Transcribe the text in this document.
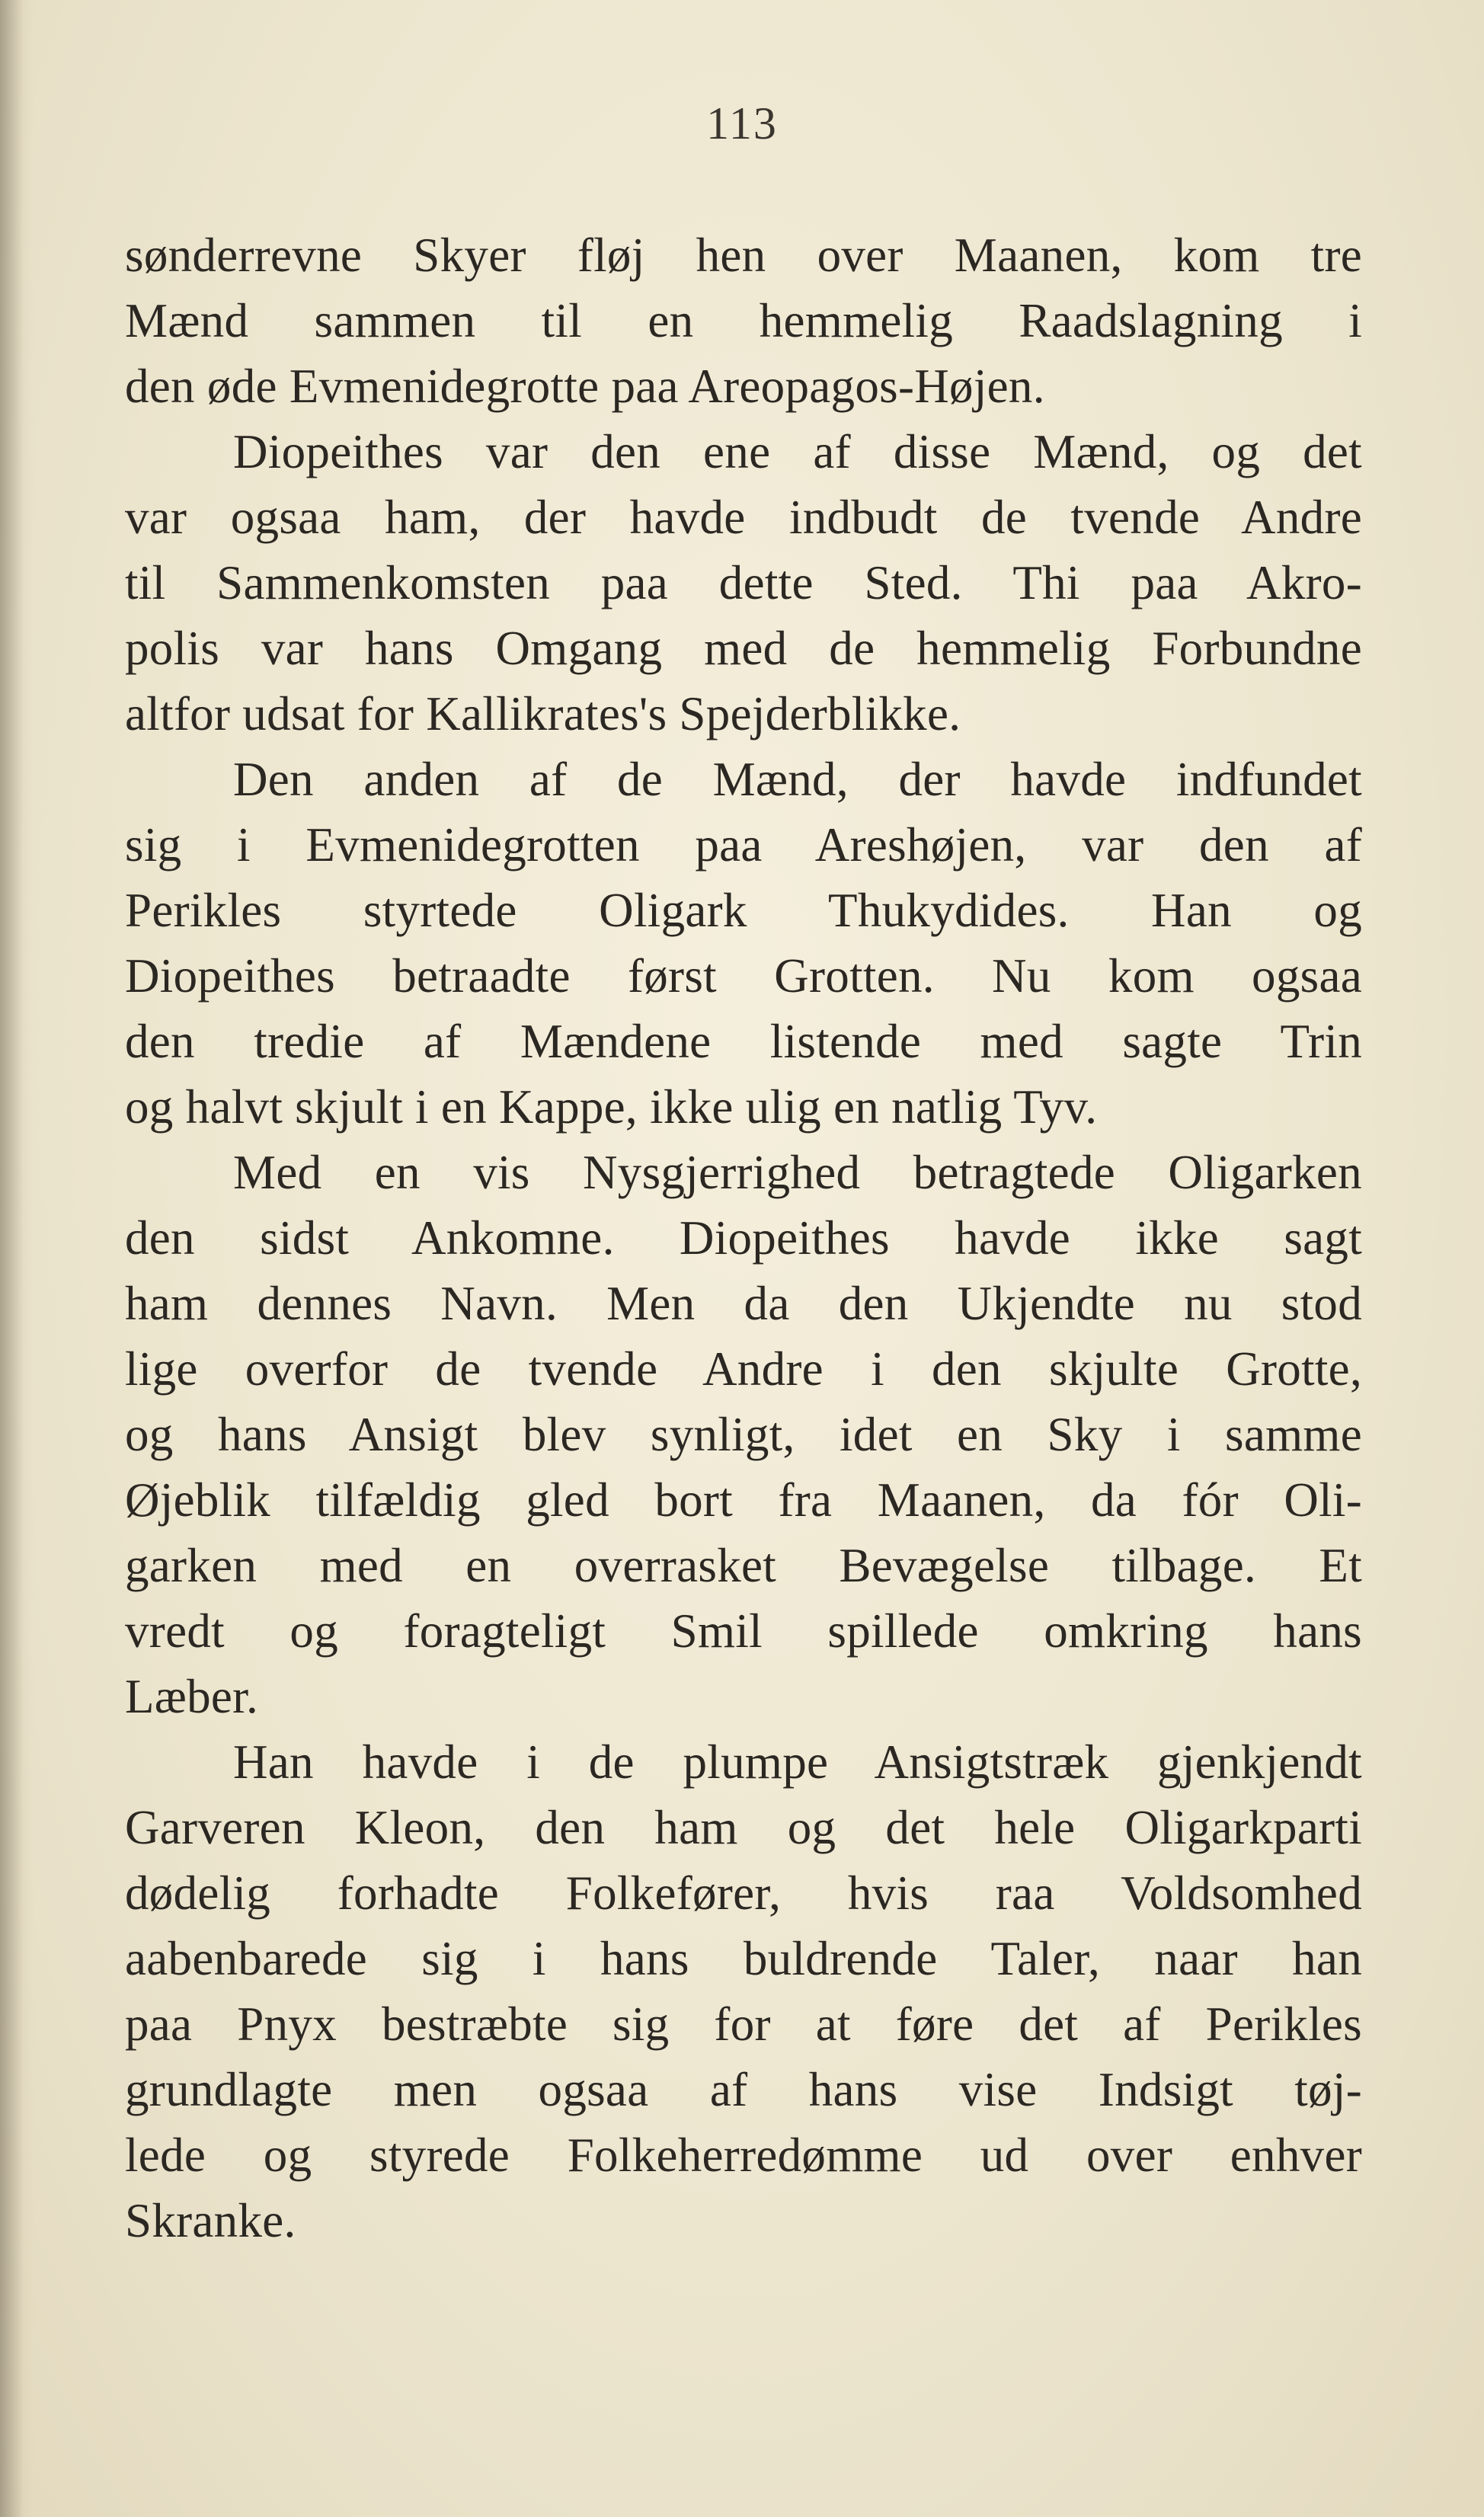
113
sønderrevne Skyer fløj hen over Maanen, kom tre
Mænd sammen til en hemmelig Raadslagning i
den øde Evmenidegrotte paa Areopagos-Højen.
Diopeithes var den ene af disse Mænd, og det
var ogsaa ham, der havde indbudt de tvende Andre
til Sammenkomsten paa dette Sted. Thi paa Akro-
polis var hans Omgang med de hemmelig Forbundne
altfor udsat for Kallikrates's Spejderblikke.
Den anden af de Mænd, der havde indfundet
sig i Evmenidegrotten paa Areshøjen, var den af
Perikles styrtede Oligark Thukydides. Han og
Diopeithes betraadte først Grotten. Nu kom ogsaa
den tredie af Mændene listende med sagte Trin
og halvt skjult i en Kappe, ikke ulig en natlig Tyv.
Med en vis Nysgjerrighed betragtede Oligarken
den sidst Ankomne. Diopeithes havde ikke sagt
ham dennes Navn. Men da den Ukjendte nu stod
lige overfor de tvende Andre i den skjulte Grotte,
og hans Ansigt blev synligt, idet en Sky i samme
Øjeblik tilfældig gled bort fra Maanen, da fór Oli-
garken med en overrasket Bevægelse tilbage. Et
vredt og foragteligt Smil spillede omkring hans
Læber.
Han havde i de plumpe Ansigtstræk gjenkjendt
Garveren Kleon, den ham og det hele Oligarkparti
dødelig forhadte Folkefører, hvis raa Voldsomhed
aabenbarede sig i hans buldrende Taler, naar han
paa Pnyx bestræbte sig for at føre det af Perikles
grundlagte men ogsaa af hans vise Indsigt tøj-
lede og styrede Folkeherredømme ud over enhver
Skranke.
